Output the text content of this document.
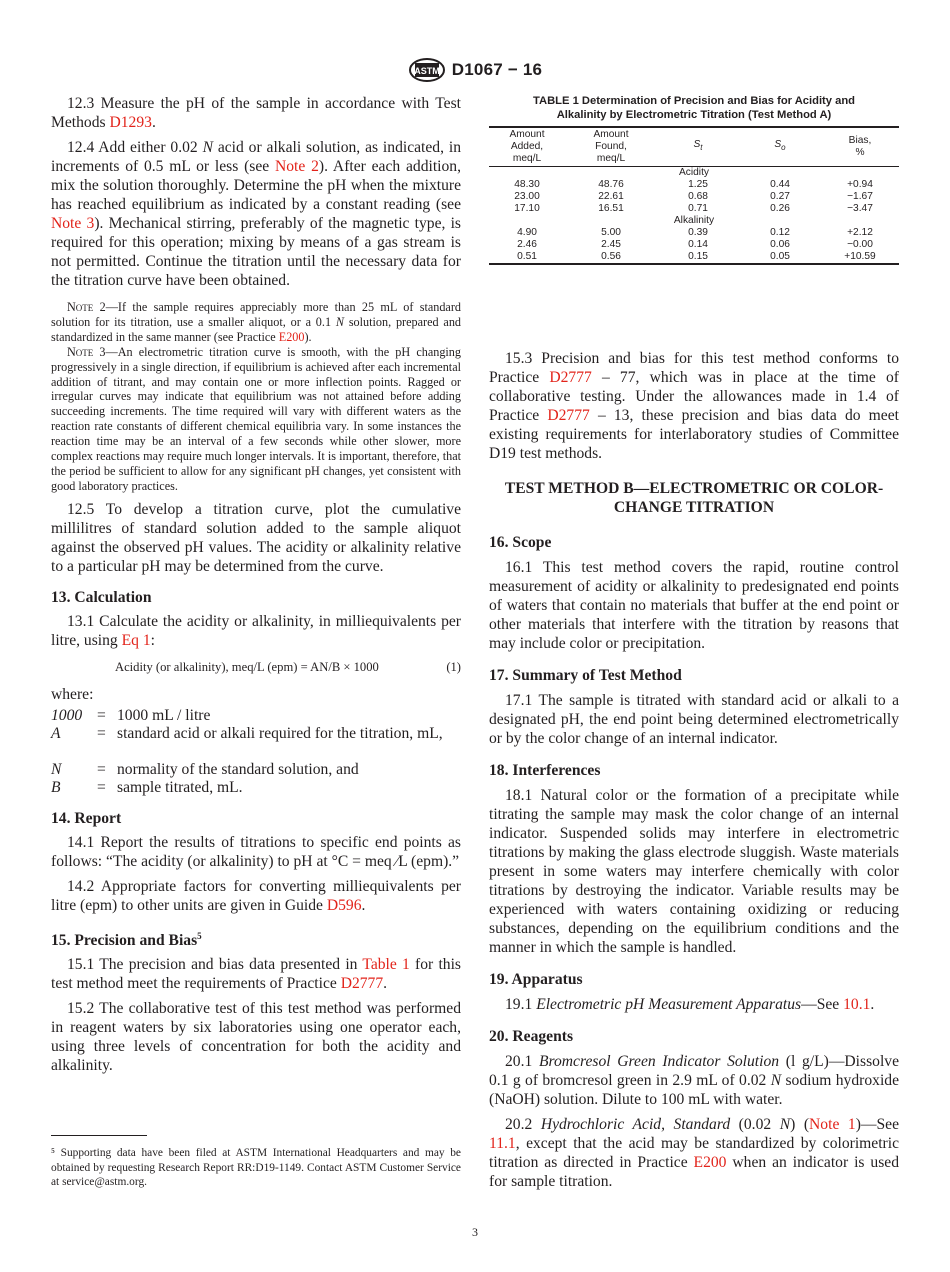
ASTM D1067 − 16

12.3 Measure the pH of the sample in accordance with Test Methods D1293.

12.4 Add either 0.02 N acid or alkali solution, as indicated, in increments of 0.5 mL or less (see Note 2). After each addition, mix the solution thoroughly. Determine the pH when the mixture has reached equilibrium as indicated by a constant reading (see Note 3). Mechanical stirring, preferably of the magnetic type, is required for this operation; mixing by means of a gas stream is not permitted. Continue the titration until the necessary data for the titration curve have been obtained.

Note 2—If the sample requires appreciably more than 25 mL of standard solution for its titration, use a smaller aliquot, or a 0.1 N solution, prepared and standardized in the same manner (see Practice E200).

Note 3—An electrometric titration curve is smooth, with the pH changing progressively in a single direction, if equilibrium is achieved after each incremental addition of titrant, and may contain one or more inflection points. Ragged or irregular curves may indicate that equilibrium was not attained before adding succeeding increments. The time required will vary with different waters as the reaction rate constants of different chemical equilibria vary. In some instances the reaction time may be an interval of a few seconds while other slower, more complex reactions may require much longer intervals. It is important, therefore, that the period be sufficient to allow for any significant pH changes, yet consistent with good laboratory practices.

12.5 To develop a titration curve, plot the cumulative millilitres of standard solution added to the sample aliquot against the observed pH values. The acidity or alkalinity relative to a particular pH may be determined from the curve.

13. Calculation

13.1 Calculate the acidity or alkalinity, in milliequivalents per litre, using Eq 1:

Acidity (or alkalinity), meq/L (epm) = AN/B × 1000	(1)

where:

1000 = 1000 mL / litre
A	= standard acid or alkali required for the titration, mL,
N	= normality of the standard solution, and
B	= sample titrated, mL.
14. Report

14.1 Report the results of titrations to specific end points as follows: “The acidity (or alkalinity) to pH at °C = meq ⁄L (epm).”

14.2 Appropriate factors for converting milliequivalents per litre (epm) to other units are given in Guide D596.

15. Precision and Bias$^5$

15.1 The precision and bias data presented in Table 1 for this test method meet the requirements of Practice D2777.

15.2 The collaborative test of this test method was performed in reagent waters by six laboratories using one operator each, using three levels of concentration for both the acidity and alkalinity.

⁵ Supporting data have been filed at ASTM International Headquarters and may be obtained by requesting Research Report RR:D19-1149. Contact ASTM Customer Service at service@astm.org.
TABLE 1 Determination of Precision and Bias for Acidity and
Alkalinity by Electrometric Titration (Test Method A)
Amount
Added,
meq/L	Amount
Found,
meq/L	$S_t$	$S_o$	Bias,
%
Acidity				
48.30	48.76	1.25	0.44	+0.94
23.00	22.61	0.68	0.27	−1.67
17.10	16.51	0.71	0.26	−3.47
Alkalinity				
4.90	5.00	0.39	0.12	+2.12
2.46	2.45	0.14	0.06	−0.00
0.51	0.56	0.15	0.05	+10.59

15.3 Precision and bias for this test method conforms to Practice D2777 – 77, which was in place at the time of collaborative testing. Under the allowances made in 1.4 of Practice D2777 – 13, these precision and bias data do meet existing requirements for interlaboratory studies of Committee D19 test methods.

TEST METHOD B—ELECTROMETRIC OR COLOR-
CHANGE TITRATION
16. Scope

16.1 This test method covers the rapid, routine control measurement of acidity or alkalinity to predesignated end points of waters that contain no materials that buffer at the end point or other materials that interfere with the titration by reasons that may include color or precipitation.

17. Summary of Test Method

17.1 The sample is titrated with standard acid or alkali to a designated pH, the end point being determined electrometrically or by the color change of an internal indicator.

18. Interferences

18.1 Natural color or the formation of a precipitate while titrating the sample may mask the color change of an internal indicator. Suspended solids may interfere in electrometric titrations by making the glass electrode sluggish. Waste materials present in some waters may interfere chemically with color titrations by destroying the indicator. Variable results may be experienced with waters containing oxidizing or reducing substances, depending on the equilibrium conditions and the manner in which the sample is handled.

19. Apparatus

19.1 Electrometric pH Measurement Apparatus—See 10.1.

20. Reagents

20.1 Bromcresol Green Indicator Solution (l g/L)—Dissolve 0.1 g of bromcresol green in 2.9 mL of 0.02 N sodium hydroxide (NaOH) solution. Dilute to 100 mL with water.

20.2 Hydrochloric Acid, Standard (0.02 N) (Note 1)—See 11.1, except that the acid may be standardized by colorimetric titration as directed in Practice E200 when an indicator is used for sample titration.

3
